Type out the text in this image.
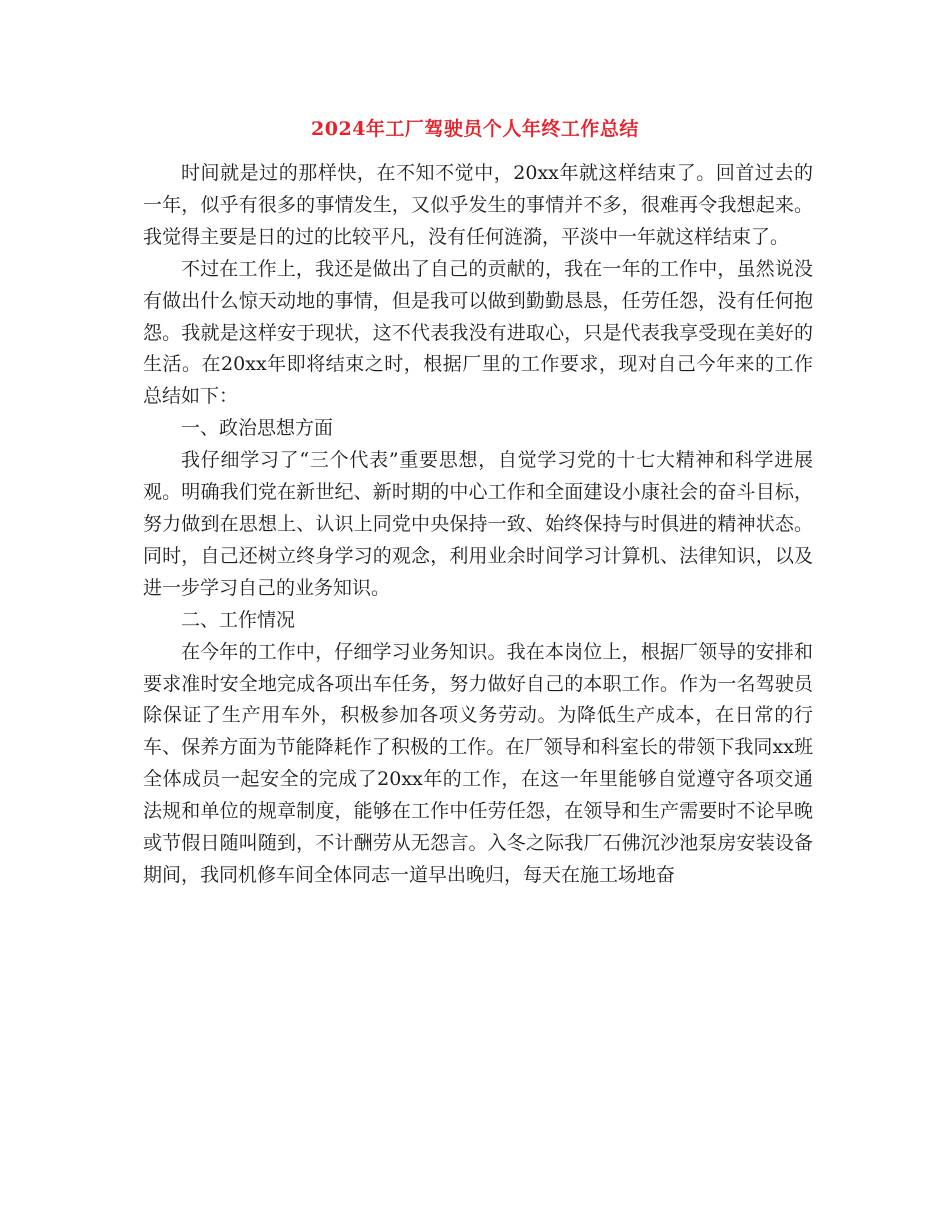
2024年工厂驾驶员个人年终工作总结

时间就是过的那样快，在不知不觉中，20xx年就这样结束了。回首过去的一年，似乎有很多的事情发生，又似乎发生的事情并不多，很难再令我想起来。我觉得主要是日的过的比较平凡，没有任何涟漪，平淡中一年就这样结束了。

不过在工作上，我还是做出了自己的贡献的，我在一年的工作中，虽然说没有做出什么惊天动地的事情，但是我可以做到勤勤恳恳，任劳任怨，没有任何抱怨。我就是这样安于现状，这不代表我没有进取心，只是代表我享受现在美好的生活。在20xx年即将结束之时，根据厂里的工作要求，现对自己今年来的工作总结如下：

一、政治思想方面

我仔细学习了“三个代表”重要思想，自觉学习党的十七大精神和科学进展观。明确我们党在新世纪、新时期的中心工作和全面建设小康社会的奋斗目标，努力做到在思想上、认识上同党中央保持一致、始终保持与时俱进的精神状态。同时，自己还树立终身学习的观念，利用业余时间学习计算机、法律知识，以及进一步学习自己的业务知识。

二、工作情况

在今年的工作中，仔细学习业务知识。我在本岗位上，根据厂领导的安排和要求准时安全地完成各项出车任务，努力做好自己的本职工作。作为一名驾驶员除保证了生产用车外，积极参加各项义务劳动。为降低生产成本，在日常的行车、保养方面为节能降耗作了积极的工作。在厂领导和科室长的带领下我同xx班全体成员一起安全的完成了20xx年的工作，在这一年里能够自觉遵守各项交通法规和单位的规章制度，能够在工作中任劳任怨，在领导和生产需要时不论早晚或节假日随叫随到，不计酬劳从无怨言。入冬之际我厂石佛沉沙池泵房安装设备期间，我同机修车间全体同志一道早出晚归，每天在施工场地奋
